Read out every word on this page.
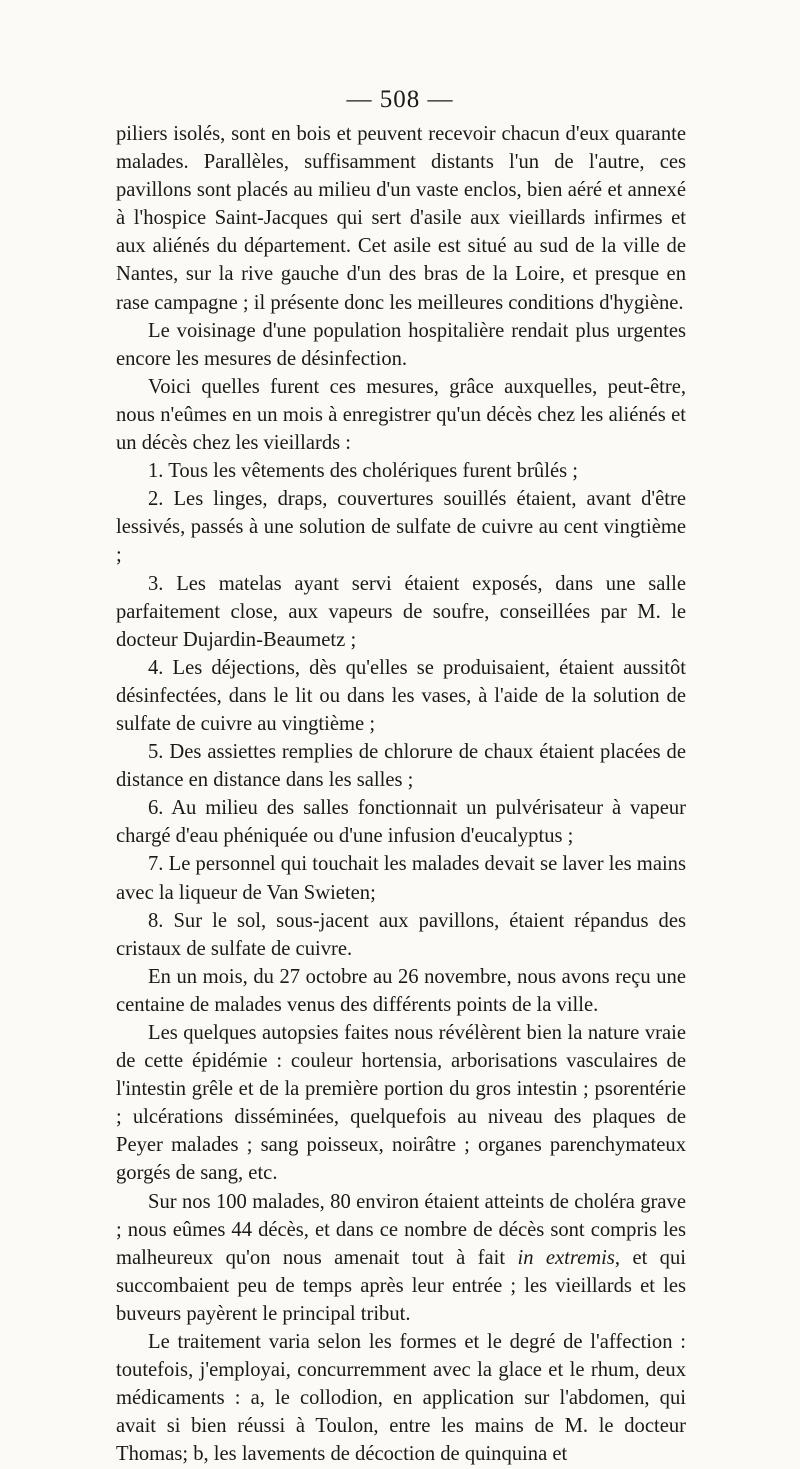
— 508 —

piliers isolés, sont en bois et peuvent recevoir chacun d'eux quarante malades. Parallèles, suffisamment distants l'un de l'autre, ces pavillons sont placés au milieu d'un vaste enclos, bien aéré et annexé à l'hospice Saint-Jacques qui sert d'asile aux vieillards infirmes et aux aliénés du département. Cet asile est situé au sud de la ville de Nantes, sur la rive gauche d'un des bras de la Loire, et presque en rase campagne ; il présente donc les meilleures conditions d'hygiène.

Le voisinage d'une population hospitalière rendait plus urgentes encore les mesures de désinfection.

Voici quelles furent ces mesures, grâce auxquelles, peut-être, nous n'eûmes en un mois à enregistrer qu'un décès chez les aliénés et un décès chez les vieillards :

1. Tous les vêtements des cholériques furent brûlés ;

2. Les linges, draps, couvertures souillés étaient, avant d'être lessivés, passés à une solution de sulfate de cuivre au cent vingtième ;

3. Les matelas ayant servi étaient exposés, dans une salle parfaitement close, aux vapeurs de soufre, conseillées par M. le docteur Dujardin-Beaumetz ;

4. Les déjections, dès qu'elles se produisaient, étaient aussitôt désinfectées, dans le lit ou dans les vases, à l'aide de la solution de sulfate de cuivre au vingtième ;

5. Des assiettes remplies de chlorure de chaux étaient placées de distance en distance dans les salles ;

6. Au milieu des salles fonctionnait un pulvérisateur à vapeur chargé d'eau phéniquée ou d'une infusion d'eucalyptus ;

7. Le personnel qui touchait les malades devait se laver les mains avec la liqueur de Van Swieten;

8. Sur le sol, sous-jacent aux pavillons, étaient répandus des cristaux de sulfate de cuivre.

En un mois, du 27 octobre au 26 novembre, nous avons reçu une centaine de malades venus des différents points de la ville.

Les quelques autopsies faites nous révélèrent bien la nature vraie de cette épidémie : couleur hortensia, arborisations vasculaires de l'intestin grêle et de la première portion du gros intestin ; psorentérie ; ulcérations disséminées, quelquefois au niveau des plaques de Peyer malades ; sang poisseux, noirâtre ; organes parenchymateux gorgés de sang, etc.

Sur nos 100 malades, 80 environ étaient atteints de choléra grave ; nous eûmes 44 décès, et dans ce nombre de décès sont compris les malheureux qu'on nous amenait tout à fait in extremis, et qui succombaient peu de temps après leur entrée ; les vieillards et les buveurs payèrent le principal tribut.

Le traitement varia selon les formes et le degré de l'affection : toutefois, j'employai, concurremment avec la glace et le rhum, deux médicaments : a, le collodion, en application sur l'abdomen, qui avait si bien réussi à Toulon, entre les mains de M. le docteur Thomas; b, les lavements de décoction de quinquina et
